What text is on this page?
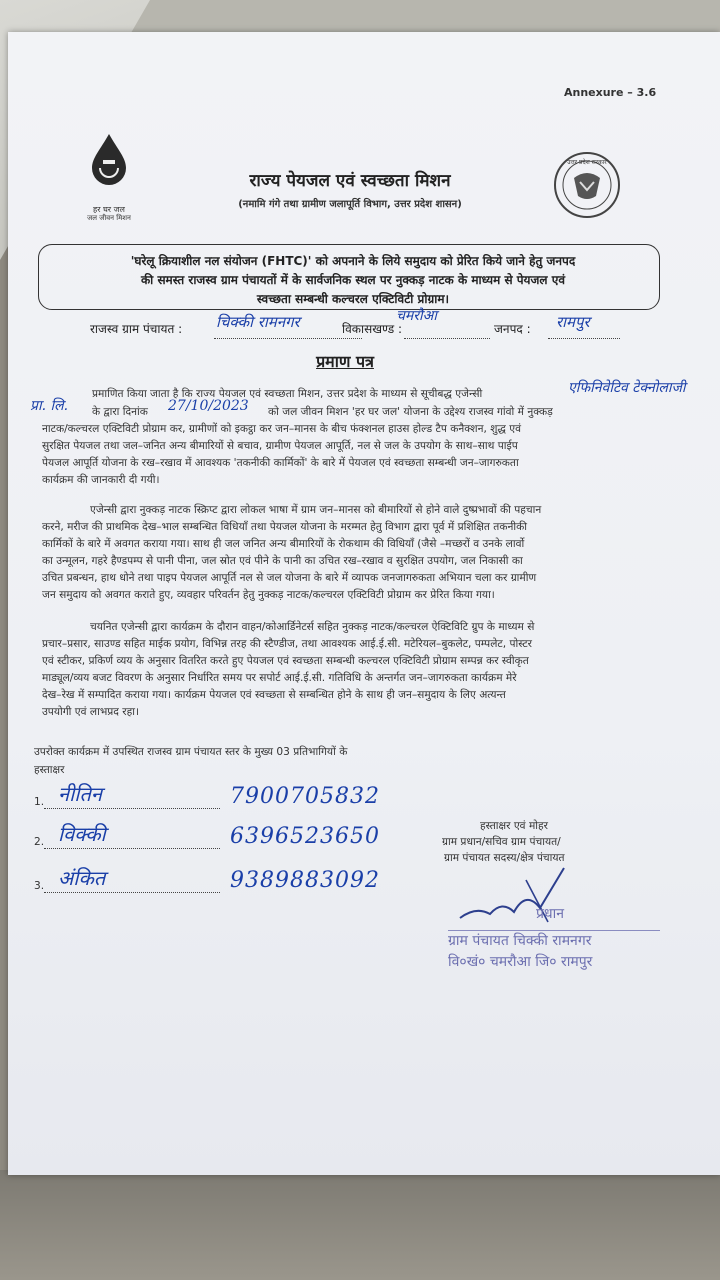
Annexure – 3.6
हर घर जल
जल जीवन मिशन
उत्तर प्रदेश सरकार
राज्य पेयजल एवं स्वच्छता मिशन
(नमामि गंगे तथा ग्रामीण जलापूर्ति विभाग, उत्तर प्रदेश शासन)
'घरेलू क्रियाशील नल संयोजन (FHTC)' को अपनाने के लिये समुदाय को प्रेरित किये जाने हेतु जनपद
की समस्त राजस्व ग्राम पंचायतों में के सार्वजनिक स्थल पर नुक्कड़ नाटक के माध्यम से पेयजल एवं
स्वच्छता सम्बन्धी कल्चरल एक्टिविटी प्रोग्राम।
राजस्व ग्राम पंचायत : चिक्की रामनगर	विकासखण्ड :
चमरौआ
जनपद : रामपुर
प्रमाण पत्र
एफिनिवेटिव टेक्नोलाजी
प्रा. लि.	27/10/2023
प्रमाणित किया जाता है कि राज्य पेयजल एवं स्वच्छता मिशन, उत्तर प्रदेश के माध्यम से सूचीबद्ध एजेन्सी
के द्वारा दिनांक	को जल जीवन मिशन 'हर घर जल' योजना के उद्देश्य राजस्व गांवो में नुक्कड़
नाटक/कल्चरल एक्टिविटी प्रोग्राम कर, ग्रामीणों को इकट्ठा कर जन–मानस के बीच फंक्शनल हाउस होल्ड टैप कनैक्शन, शुद्ध एवं
सुरक्षित पेयजल तथा जल–जनित अन्य बीमारियों से बचाव, ग्रामीण पेयजल आपूर्ति, नल से जल के उपयोग के साथ–साथ पाईप
पेयजल आपूर्ति योजना के रख–रखाव में आवश्यक 'तकनीकी कार्मिकों' के बारे में पेयजल एवं स्वच्छता सम्बन्धी जन–जागरुकता
कार्यक्रम की जानकारी दी गयी।
एजेन्सी द्वारा नुक्कड़ नाटक स्क्रिप्ट द्वारा लोकल भाषा में ग्राम जन–मानस को बीमारियों से होने वाले दुष्प्रभावों की पहचान
करने, मरीज की प्राथमिक देख–भाल सम्बन्धित विधियाँ तथा पेयजल योजना के मरम्मत हेतु विभाग द्वारा पूर्व में प्रशिक्षित तकनीकी
कार्मिकों के बारे में अवगत कराया गया। साथ ही जल जनित अन्य बीमारियों के रोकथाम की विधियाँ (जैसे –मच्छरों व उनके लार्वो
का उन्मूलन, गहरे हैण्डपम्प से पानी पीना, जल स्रोत एवं पीने के पानी का उचित रख–रखाव व सुरक्षित उपयोग, जल निकासी का
उचित प्रबन्धन, हाथ धोने तथा पाइप पेयजल आपूर्ति नल से जल योजना के बारे में व्यापक जनजागरुकता अभियान चला कर ग्रामीण
जन समुदाय को अवगत कराते हुए, व्यवहार परिवर्तन हेतु नुक्कड़ नाटक/कल्चरल एक्टिविटी प्रोग्राम कर प्रेरित किया गया।
चयनित एजेन्सी द्वारा कार्यक्रम के दौरान वाहन/कोआर्डिनेटर्स सहित नुक्कड़ नाटक/कल्चरल ऐक्टिविटि ग्रुप के माध्यम से
प्रचार–प्रसार, साउण्ड सहित माईक प्रयोग, विभिन्न तरह की स्टैण्डीज, तथा आवश्यक आई.ई.सी. मटेरियल–बुकलेट, पम्पलेट, पोस्टर
एवं स्टीकर, प्रकिर्ण व्यय के अनुसार वितरित करते हुए पेयजल एवं स्वच्छता सम्बन्धी कल्चरल एक्टिविटी प्रोग्राम सम्पन्न कर स्वीकृत
माड्यूल/व्यय बजट विवरण के अनुसार निर्धारित समय पर सपोर्ट आई.ई.सी. गतिविधि के अन्तर्गत जन–जागरुकता कार्यक्रम मेरे
देख–रेख में सम्पादित कराया गया। कार्यक्रम पेयजल एवं स्वच्छता से सम्बन्धित होने के साथ ही जन–समुदाय के लिए अत्यन्त
उपयोगी एवं लाभप्रद रहा।
उपरोक्त कार्यक्रम में उपस्थित राजस्व ग्राम पंचायत स्तर के मुख्य 03 प्रतिभागियों के
हस्ताक्षर
1. नीतिन	7900705832
2. विक्की	6396523650
3. अंकित	9389883092
हस्ताक्षर एवं मोहर
ग्राम प्रधान/सचिव ग्राम पंचायत/
ग्राम पंचायत सदस्य/क्षेत्र पंचायत
प्रधान
ग्राम पंचायत चिक्की रामनगर
वि०खं० चमरौआ जि० रामपुर
